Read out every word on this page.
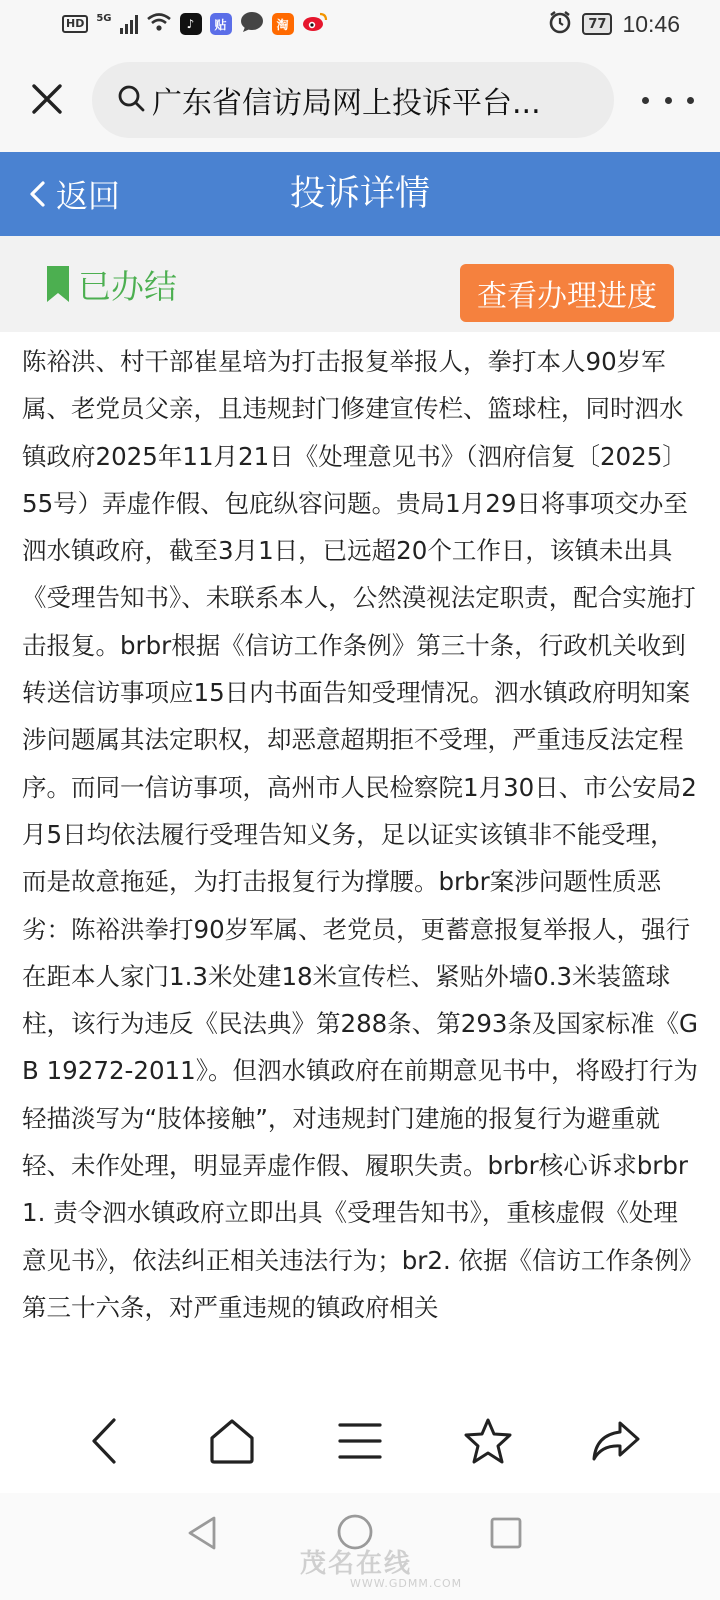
HD	5G	♪	贴	淘	77 10:46
广东省信访局网上投诉平台...
返回	投诉详情
已办结	查看办理进度
陈裕洪、村干部崔星培为打击报复举报人，拳打本人90岁军属、老党员父亲，且违规封门修建宣传栏、篮球柱，同时泗水镇政府2025年11月21日《处理意见书》（泗府信复〔2025〕55号）弄虚作假、包庇纵容问题。贵局1月29日将事项交办至泗水镇政府，截至3月1日，已远超20个工作日，该镇未出具《受理告知书》、未联系本人，公然漠视法定职责，配合实施打击报复。brbr根据《信访工作条例》第三十条，行政机关收到转送信访事项应15日内书面告知受理情况。泗水镇政府明知案涉问题属其法定职权，却恶意超期拒不受理，严重违反法定程序。而同一信访事项，高州市人民检察院1月30日、市公安局2月5日均依法履行受理告知义务，足以证实该镇非不能受理，而是故意拖延，为打击报复行为撑腰。brbr案涉问题性质恶劣：陈裕洪拳打90岁军属、老党员，更蓄意报复举报人，强行在距本人家门1.3米处建18米宣传栏、紧贴外墙0.3米装篮球柱，该行为违反《民法典》第288条、第293条及国家标准《GB 19272-2011》。但泗水镇政府在前期意见书中，将殴打行为轻描淡写为“肢体接触”，对违规封门建施的报复行为避重就轻、未作处理，明显弄虚作假、履职失责。brbr核心诉求brbr1. 责令泗水镇政府立即出具《受理告知书》，重核虚假《处理意见书》，依法纠正相关违法行为；br2. 依据《信访工作条例》第三十六条，对严重违规的镇政府相关
茂名在线
WWW.GDMM.COM
